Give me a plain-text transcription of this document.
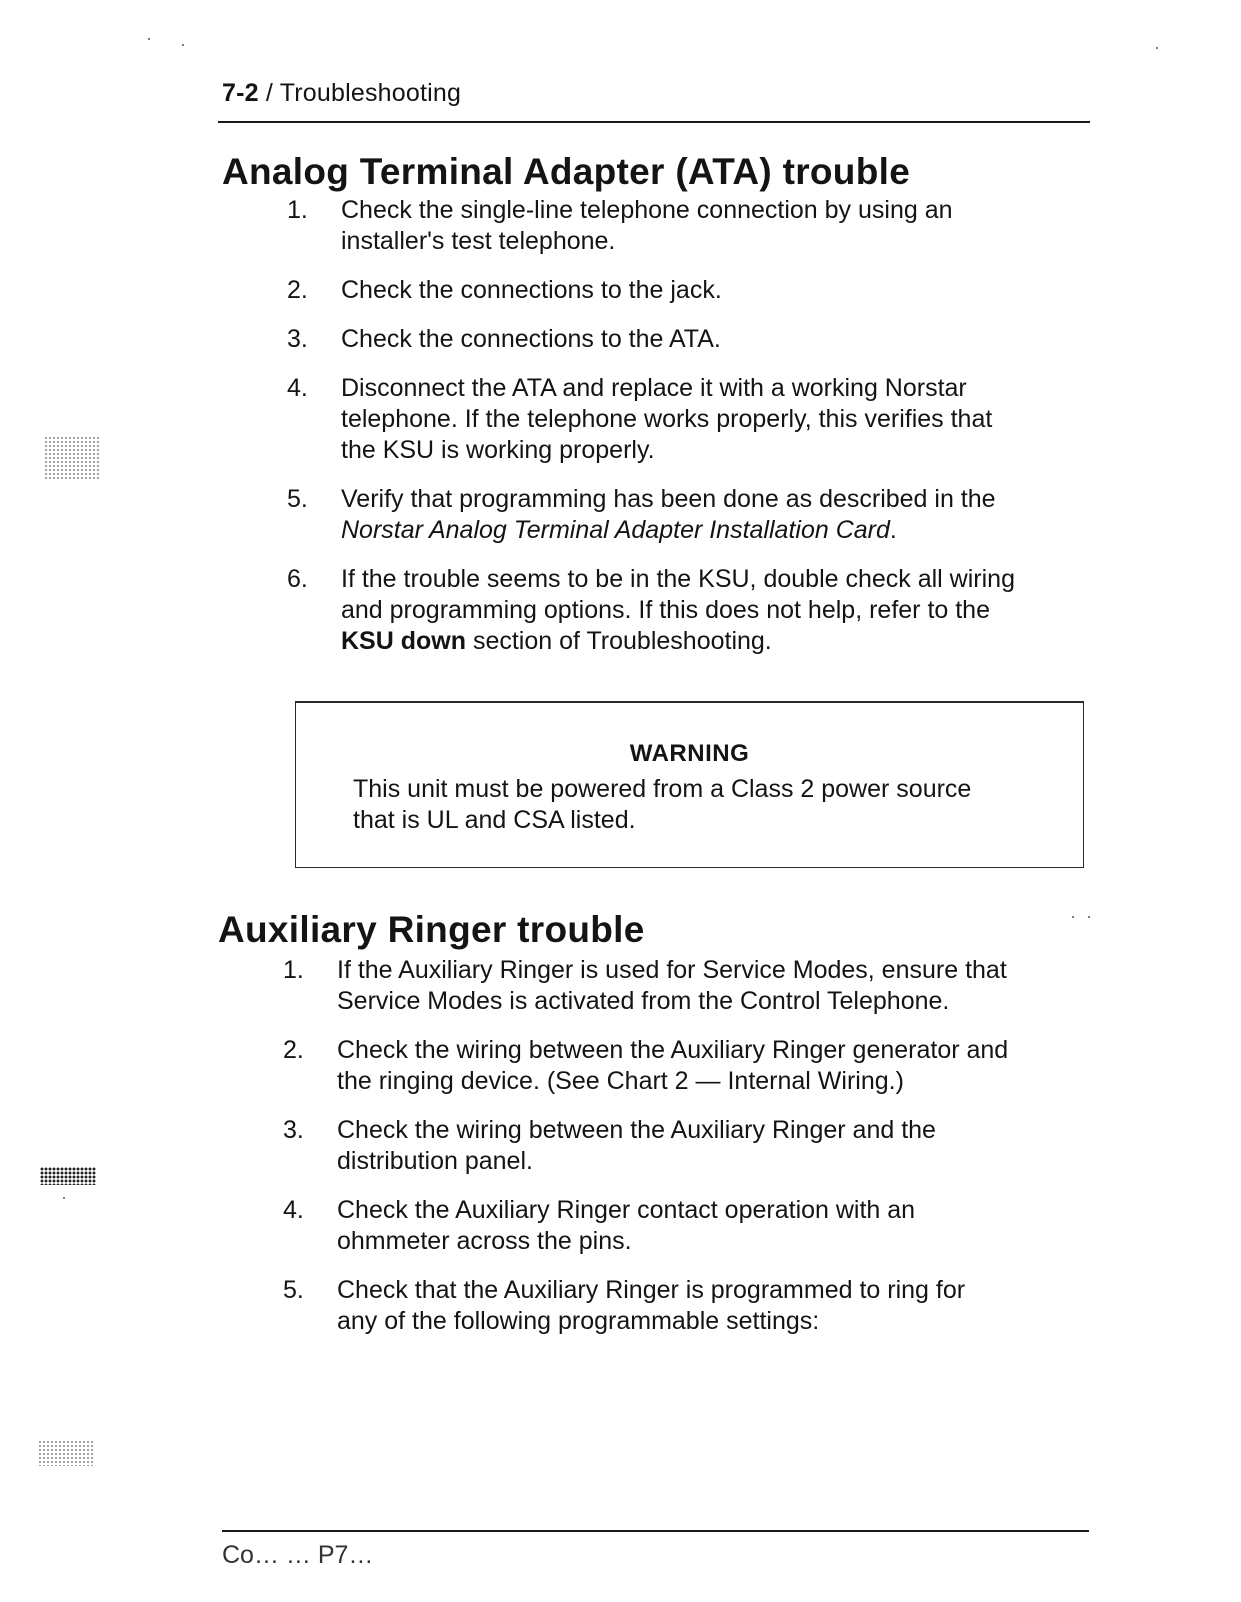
7-2 / Troubleshooting
Analog Terminal Adapter (ATA) trouble
1. Check the single-line telephone connection by using an
installer's test telephone.
2. Check the connections to the jack.
3. Check the connections to the ATA.
4. Disconnect the ATA and replace it with a working Norstar
telephone. If the telephone works properly, this verifies that
the KSU is working properly.
5. Verify that programming has been done as described in the
Norstar Analog Terminal Adapter Installation Card.
6. If the trouble seems to be in the KSU, double check all wiring
and programming options. If this does not help, refer to the
KSU down section of Troubleshooting.
WARNING
This unit must be powered from a Class 2 power source
that is UL and CSA listed.
Auxiliary Ringer trouble
1. If the Auxiliary Ringer is used for Service Modes, ensure that
Service Modes is activated from the Control Telephone.
2. Check the wiring between the Auxiliary Ringer generator and
the ringing device. (See Chart 2 — Internal Wiring.)
3. Check the wiring between the Auxiliary Ringer and the
distribution panel.
4. Check the Auxiliary Ringer contact operation with an
ohmmeter across the pins.
5. Check that the Auxiliary Ringer is programmed to ring for
any of the following programmable settings:
Co… … P7…
